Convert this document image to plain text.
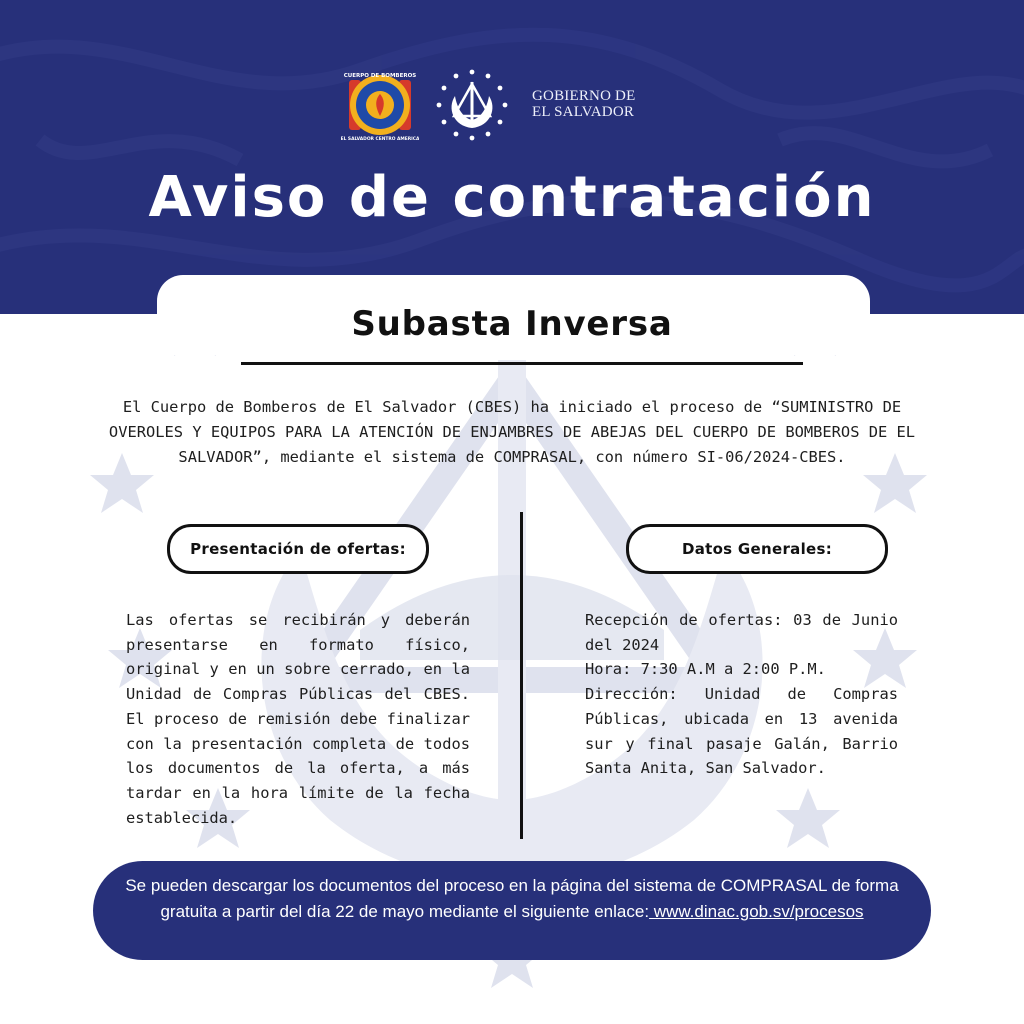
CUERPO DE BOMBEROS
EL SALVADOR CENTRO AMERICA
GOBIERNO DE
EL SALVADOR
Aviso de contratación
Subasta Inversa
El Cuerpo de Bomberos de El Salvador (CBES) ha iniciado el proceso de “SUMINISTRO DE OVEROLES Y EQUIPOS PARA LA ATENCIÓN DE ENJAMBRES DE ABEJAS DEL CUERPO DE BOMBEROS DE EL SALVADOR”, mediante el sistema de COMPRASAL, con número SI-06/2024-CBES.
Presentación de ofertas:	Datos Generales:
Las ofertas se recibirán y deberán presentarse en formato físico, original y en un sobre cerrado, en la Unidad de Compras Públicas del CBES. El proceso de remisión debe finalizar con la presentación completa de todos los documentos de la oferta, a más tardar en la hora límite de la fecha establecida.

Recepción de ofertas: 03 de Junio del 2024

Hora: 7:30 A.M a 2:00 P.M.

Dirección: Unidad de Compras Públicas, ubicada en 13 avenida sur y final pasaje Galán, Barrio Santa Anita, San Salvador.

Se pueden descargar los documentos del proceso en la página del sistema de COMPRASAL de forma gratuita a partir del día 22 de mayo mediante el siguiente enlace: www.dinac.gob.sv/procesos
